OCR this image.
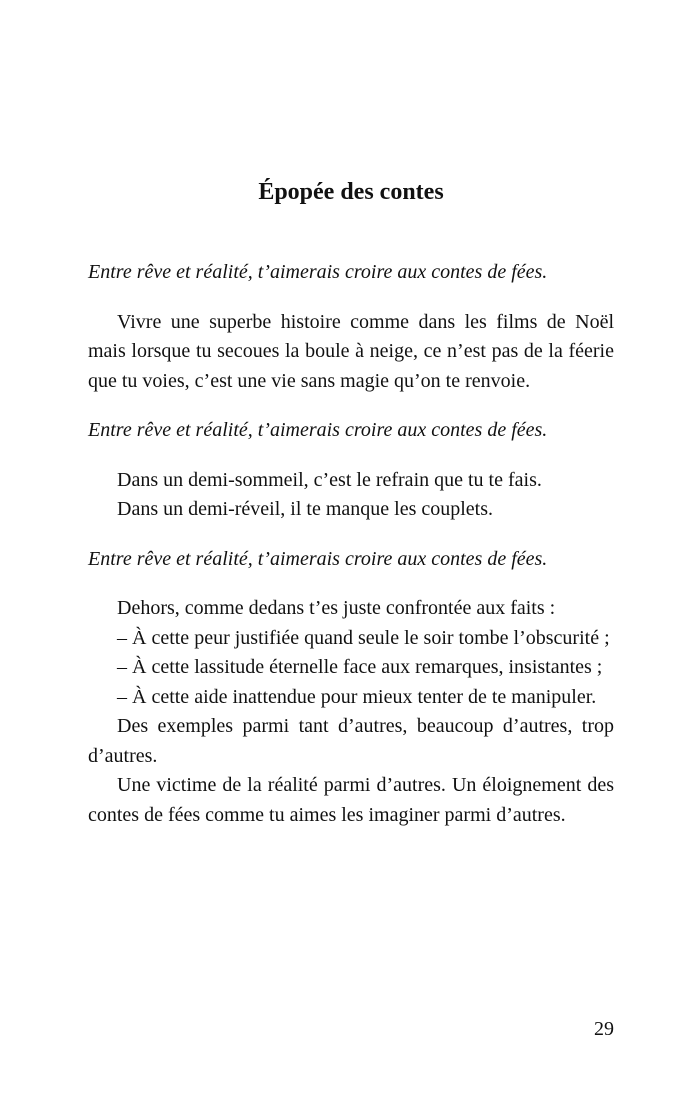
Épopée des contes

Entre rêve et réalité, t’aimerais croire aux contes de fées.

Vivre une superbe histoire comme dans les films de Noël mais lorsque tu secoues la boule à neige, ce n’est pas de la féerie que tu voies, c’est une vie sans magie qu’on te renvoie.

Entre rêve et réalité, t’aimerais croire aux contes de fées.

Dans un demi-sommeil, c’est le refrain que tu te fais.

Dans un demi-réveil, il te manque les couplets.

Entre rêve et réalité, t’aimerais croire aux contes de fées.

Dehors, comme dedans t’es juste confrontée aux faits :

– À cette peur justifiée quand seule le soir tombe l’obscurité ;

– À cette lassitude éternelle face aux remarques, insistantes ;

– À cette aide inattendue pour mieux tenter de te manipuler.

Des exemples parmi tant d’autres, beaucoup d’autres, trop d’autres.

Une victime de la réalité parmi d’autres. Un éloignement des contes de fées comme tu aimes les imaginer parmi d’autres.

29
